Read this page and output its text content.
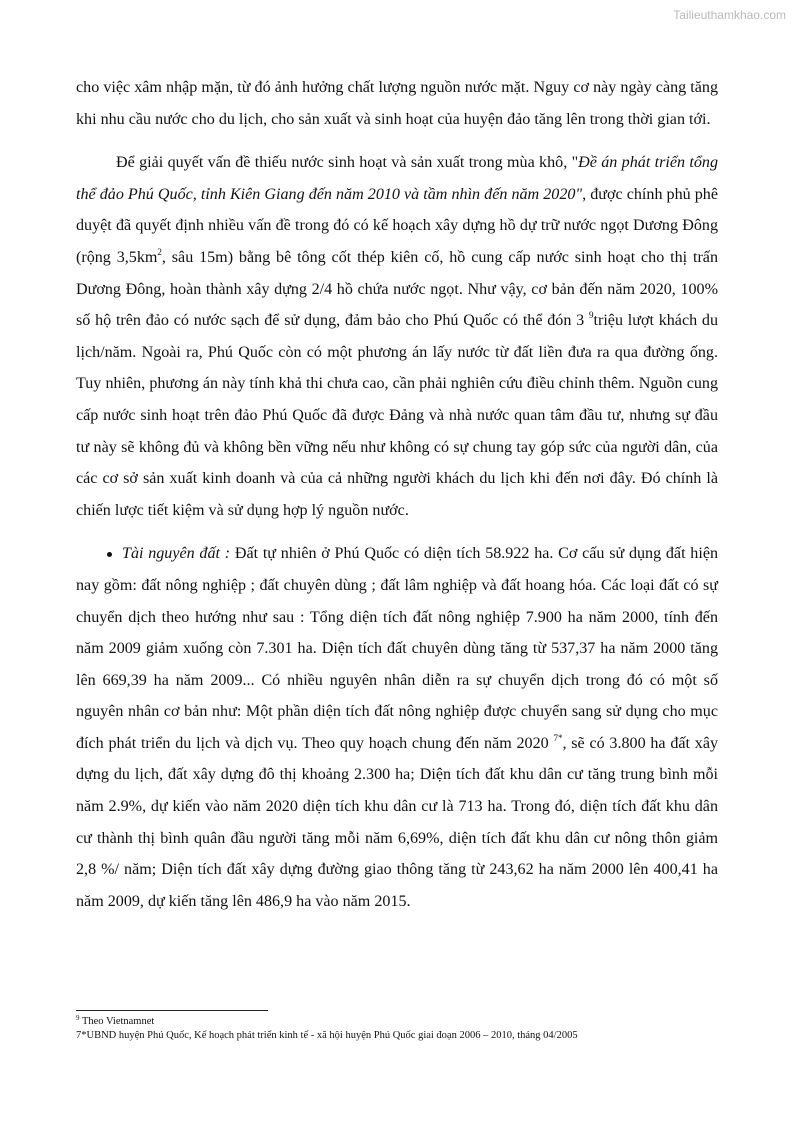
Tailieuthamkhao.com

cho việc xâm nhập mặn, từ đó ảnh hưởng chất lượng nguồn nước mặt. Nguy cơ này ngày càng tăng khi nhu cầu nước cho du lịch, cho sản xuất và sinh hoạt của huyện đảo tăng lên trong thời gian tới.

Để giải quyết vấn đề thiếu nước sinh hoạt và sản xuất trong mùa khô, "Đề án phát triển tổng thể đảo Phú Quốc, tỉnh Kiên Giang đến năm 2010 và tầm nhìn đến năm 2020", được chính phủ phê duyệt đã quyết định nhiều vấn đề trong đó có kế hoạch xây dựng hồ dự trữ nước ngọt Dương Đông (rộng $3,5km^2$, sâu 15m) bằng bê tông cốt thép kiên cố, hồ cung cấp nước sinh hoạt cho thị trấn Dương Đông, hoàn thành xây dựng 2/4 hồ chứa nước ngọt. Như vậy, cơ bản đến năm 2020, 100% số hộ trên đảo có nước sạch để sử dụng, đảm bảo cho Phú Quốc có thể đón 3 $^9$triệu lượt khách du lịch/năm. Ngoài ra, Phú Quốc còn có một phương án lấy nước từ đất liền đưa ra qua đường ống. Tuy nhiên, phương án này tính khả thi chưa cao, cần phải nghiên cứu điều chỉnh thêm. Nguồn cung cấp nước sinh hoạt trên đảo Phú Quốc đã được Đảng và nhà nước quan tâm đầu tư, nhưng sự đầu tư này sẽ không đủ và không bền vững nếu như không có sự chung tay góp sức của người dân, của các cơ sở sản xuất kinh doanh và của cả những người khách du lịch khi đến nơi đây. Đó chính là chiến lược tiết kiệm và sử dụng hợp lý nguồn nước.

Tài nguyên đất : Đất tự nhiên ở Phú Quốc có diện tích 58.922 ha. Cơ cấu sử dụng đất hiện nay gồm: đất nông nghiệp ; đất chuyên dùng ; đất lâm nghiệp và đất hoang hóa. Các loại đất có sự chuyển dịch theo hướng như sau : Tổng diện tích đất nông nghiệp 7.900 ha năm 2000, tính đến năm 2009 giảm xuống còn 7.301 ha. Diện tích đất chuyên dùng tăng từ 537,37 ha năm 2000 tăng lên 669,39 ha năm 2009... Có nhiều nguyên nhân diễn ra sự chuyển dịch trong đó có một số nguyên nhân cơ bản như: Một phần diện tích đất nông nghiệp được chuyển sang sử dụng cho mục đích phát triển du lịch và dịch vụ. Theo quy hoạch chung đến năm 2020 $^{7*}$, sẽ có 3.800 ha đất xây dựng du lịch, đất xây dựng đô thị khoảng 2.300 ha; Diện tích đất khu dân cư tăng trung bình mỗi năm 2.9%, dự kiến vào năm 2020 diện tích khu dân cư là 713 ha. Trong đó, diện tích đất khu dân cư thành thị bình quân đầu người tăng mỗi năm 6,69%, diện tích đất khu dân cư nông thôn giảm 2,8 %/ năm; Diện tích đất xây dựng đường giao thông tăng từ 243,62 ha năm 2000 lên 400,41 ha năm 2009, dự kiến tăng lên 486,9 ha vào năm 2015.

$^9$ Theo Vietnamnet
7*UBND huyện Phú Quốc, Kế hoạch phát triển kinh tế - xã hội huyện Phú Quốc giai đoạn 2006 – 2010, tháng 04/2005
